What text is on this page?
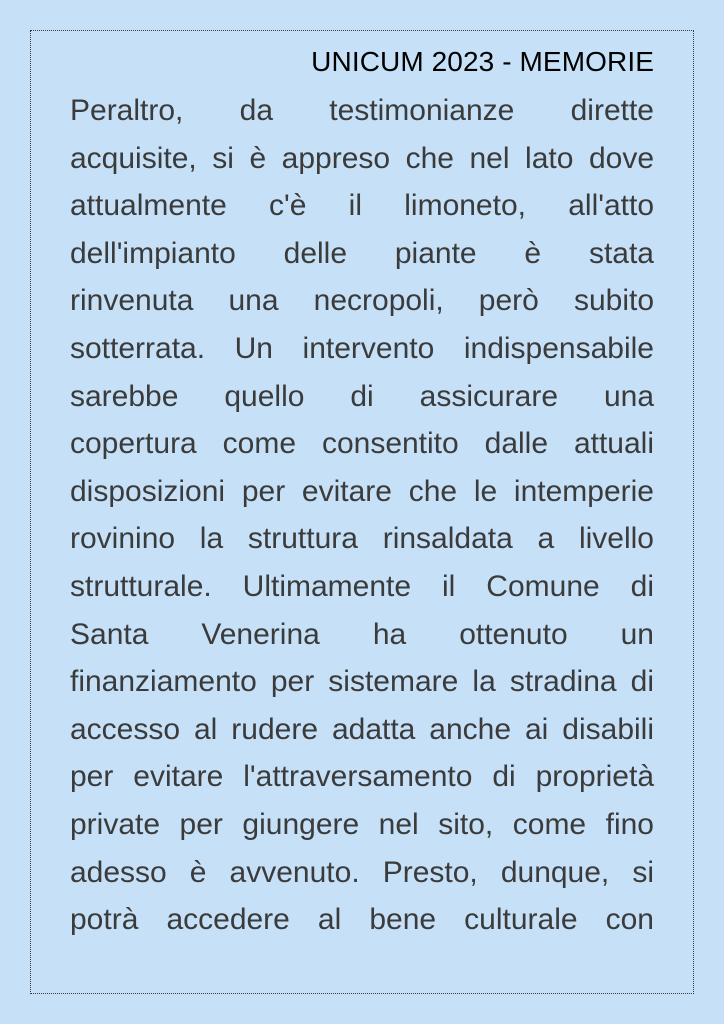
UNICUM 2023 - MEMORIE
Peraltro, da testimonianze dirette
acquisite, si è appreso che nel lato dove
attualmente c'è il limoneto, all'atto
dell'impianto delle piante è stata
rinvenuta una necropoli, però subito
sotterrata. Un intervento indispensabile
sarebbe quello di assicurare una
copertura come consentito dalle attuali
disposizioni per evitare che le intemperie
rovinino la struttura rinsaldata a livello
strutturale. Ultimamente il Comune di
Santa Venerina ha ottenuto un
finanziamento per sistemare la stradina di
accesso al rudere adatta anche ai disabili
per evitare l'attraversamento di proprietà
private per giungere nel sito, come fino
adesso è avvenuto. Presto, dunque, si
potrà accedere al bene culturale con
